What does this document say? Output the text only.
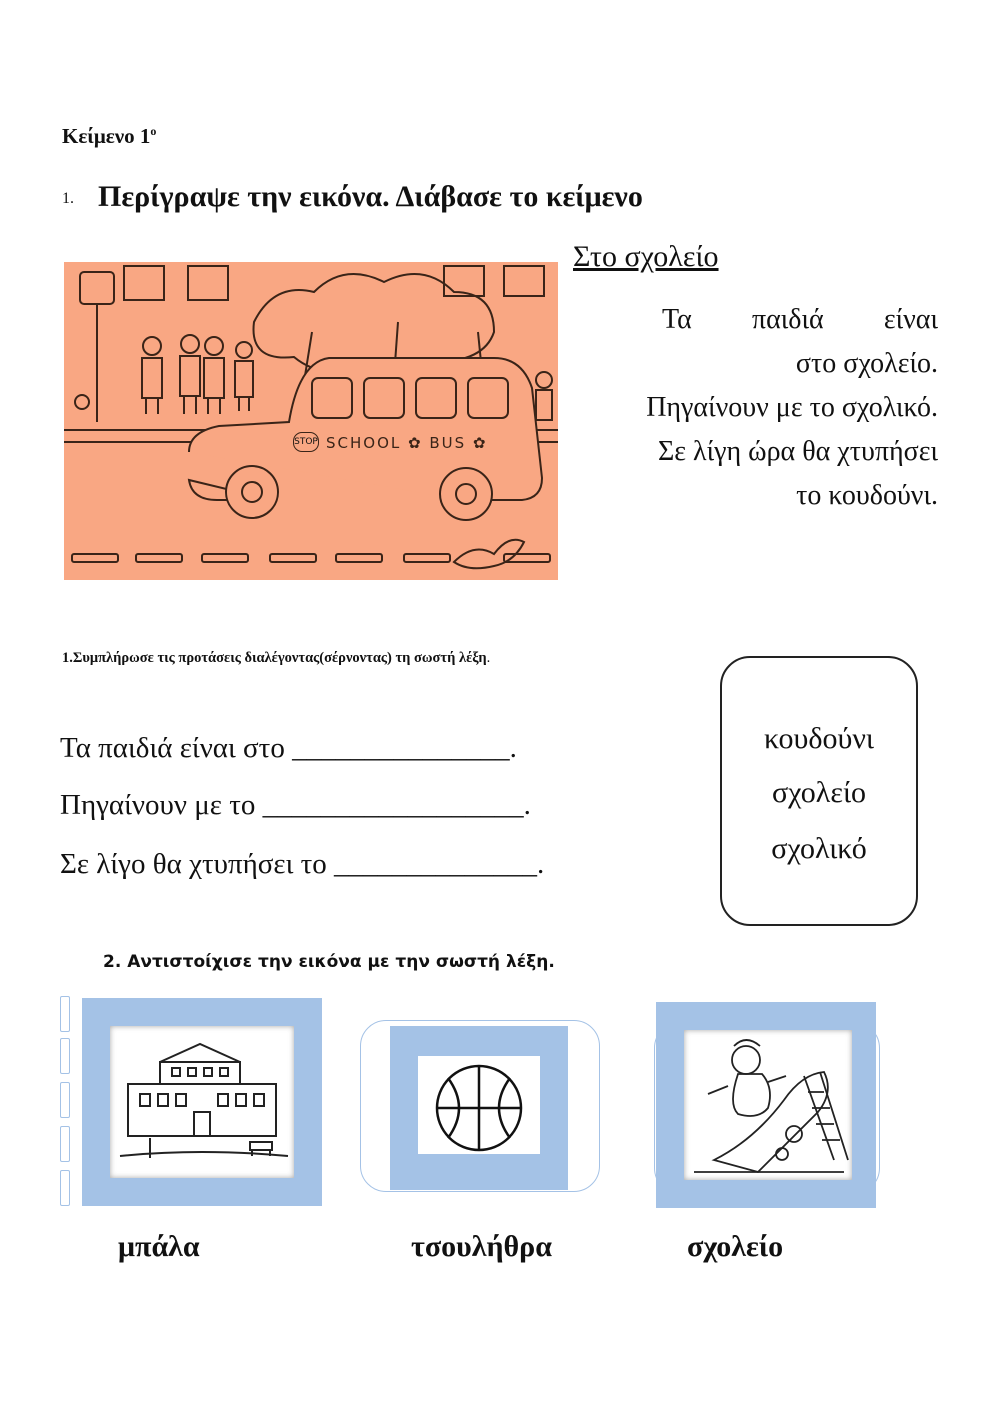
Κείμενο $1^o$
1. Περίγραψε την εικόνα. Διάβασε το κείμενο
STOP SCHOOL ✿ BUS ✿
Στο σχολείο
Τα παιδιά είναι
στο σχολείο.
Πηγαίνουν με το σχολικό.
Σε λίγη ώρα θα χτυπήσει
το κουδούνι.
1.Συμπλήρωσε τις προτάσεις διαλέγοντας(σέρνοντας) τη σωστή λέξη.
Τα παιδιά είναι στο _______________.
Πηγαίνουν με το __________________.
Σε λίγο θα χτυπήσει το ______________.
κουδούνι
σχολείο
σχολικό
2. Αντιστοίχισε την εικόνα με την σωστή λέξη.
μπάλα	τσουλήθρα	σχολείο
